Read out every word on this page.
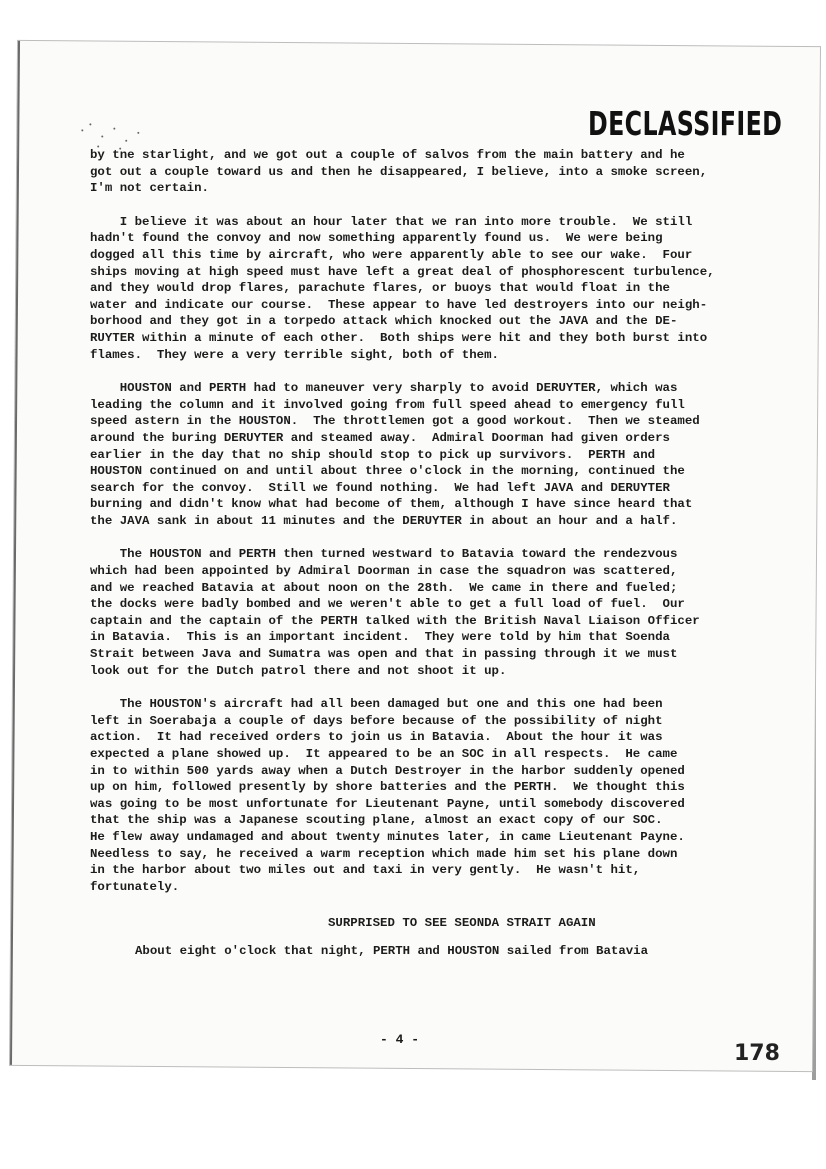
DECLASSIFIED

by tne starlight, and we got out a couple of salvos from the main battery and he
got out a couple toward us and then he disappeared, I believe, into a smoke screen,
I'm not certain.

I believe it was about an hour later that we ran into more trouble.  We still
hadn't found the convoy and now something apparently found us.  We were being
dogged all this time by aircraft, who were apparently able to see our wake.  Four
ships moving at high speed must have left a great deal of phosphorescent turbulence,
and they would drop flares, parachute flares, or buoys that would float in the
water and indicate our course.  These appear to have led destroyers into our neigh-
borhood and they got in a torpedo attack which knocked out the JAVA and the DE-
RUYTER within a minute of each other.  Both ships were hit and they both burst into
flames.  They were a very terrible sight, both of them.

HOUSTON and PERTH had to maneuver very sharply to avoid DERUYTER, which was
leading the column and it involved going from full speed ahead to emergency full
speed astern in the HOUSTON.  The throttlemen got a good workout.  Then we steamed
around the buring DERUYTER and steamed away.  Admiral Doorman had given orders
earlier in the day that no ship should stop to pick up survivors.  PERTH and
HOUSTON continued on and until about three o'clock in the morning, continued the
search for the convoy.  Still we found nothing.  We had left JAVA and DERUYTER
burning and didn't know what had become of them, although I have since heard that
the JAVA sank in about 11 minutes and the DERUYTER in about an hour and a half.

The HOUSTON and PERTH then turned westward to Batavia toward the rendezvous
which had been appointed by Admiral Doorman in case the squadron was scattered,
and we reached Batavia at about noon on the 28th.  We came in there and fueled;
the docks were badly bombed and we weren't able to get a full load of fuel.  Our
captain and the captain of the PERTH talked with the British Naval Liaison Officer
in Batavia.  This is an important incident.  They were told by him that Soenda
Strait between Java and Sumatra was open and that in passing through it we must
look out for the Dutch patrol there and not shoot it up.

The HOUSTON's aircraft had all been damaged but one and this one had been
left in Soerabaja a couple of days before because of the possibility of night
action.  It had received orders to join us in Batavia.  About the hour it was
expected a plane showed up.  It appeared to be an SOC in all respects.  He came
in to within 500 yards away when a Dutch Destroyer in the harbor suddenly opened
up on him, followed presently by shore batteries and the PERTH.  We thought this
was going to be most unfortunate for Lieutenant Payne, until somebody discovered
that the ship was a Japanese scouting plane, almost an exact copy of our SOC.
He flew away undamaged and about twenty minutes later, in came Lieutenant Payne.
Needless to say, he received a warm reception which made him set his plane down
in the harbor about two miles out and taxi in very gently.  He wasn't hit,
fortunately.

SURPRISED TO SEE SEONDA STRAIT AGAIN
About eight o'clock that night, PERTH and HOUSTON sailed from Batavia
- 4 -
178
